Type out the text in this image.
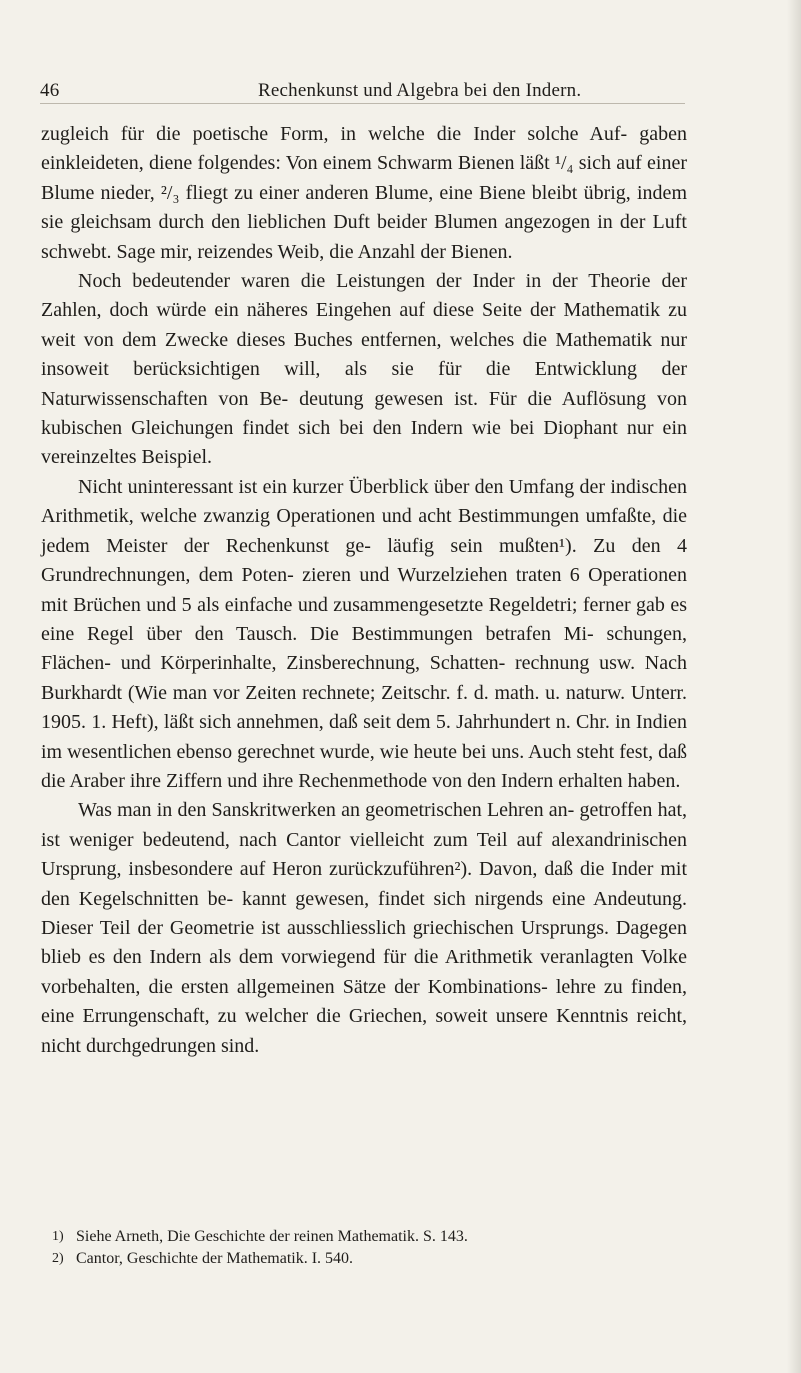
46	Rechenkunst und Algebra bei den Indern.

zugleich für die poetische Form, in welche die Inder solche Auf- gaben einkleideten, diene folgendes: Von einem Schwarm Bienen läßt ¹/₄ sich auf einer Blume nieder, ²/₃ fliegt zu einer anderen Blume, eine Biene bleibt übrig, indem sie gleichsam durch den lieblichen Duft beider Blumen angezogen in der Luft schwebt. Sage mir, reizendes Weib, die Anzahl der Bienen.

Noch bedeutender waren die Leistungen der Inder in der Theorie der Zahlen, doch würde ein näheres Eingehen auf diese Seite der Mathematik zu weit von dem Zwecke dieses Buches entfernen, welches die Mathematik nur insoweit berücksichtigen will, als sie für die Entwicklung der Naturwissenschaften von Be- deutung gewesen ist. Für die Auflösung von kubischen Gleichungen findet sich bei den Indern wie bei Diophant nur ein vereinzeltes Beispiel.

Nicht uninteressant ist ein kurzer Überblick über den Umfang der indischen Arithmetik, welche zwanzig Operationen und acht Bestimmungen umfaßte, die jedem Meister der Rechenkunst ge- läufig sein mußten¹). Zu den 4 Grundrechnungen, dem Poten- zieren und Wurzelziehen traten 6 Operationen mit Brüchen und 5 als einfache und zusammengesetzte Regeldetri; ferner gab es eine Regel über den Tausch. Die Bestimmungen betrafen Mi- schungen, Flächen- und Körperinhalte, Zinsberechnung, Schatten- rechnung usw. Nach Burkhardt (Wie man vor Zeiten rechnete; Zeitschr. f. d. math. u. naturw. Unterr. 1905. 1. Heft), läßt sich annehmen, daß seit dem 5. Jahrhundert n. Chr. in Indien im wesentlichen ebenso gerechnet wurde, wie heute bei uns. Auch steht fest, daß die Araber ihre Ziffern und ihre Rechenmethode von den Indern erhalten haben.

Was man in den Sanskritwerken an geometrischen Lehren an- getroffen hat, ist weniger bedeutend, nach Cantor vielleicht zum Teil auf alexandrinischen Ursprung, insbesondere auf Heron zurückzuführen²). Davon, daß die Inder mit den Kegelschnitten be- kannt gewesen, findet sich nirgends eine Andeutung. Dieser Teil der Geometrie ist ausschliesslich griechischen Ursprungs. Dagegen blieb es den Indern als dem vorwiegend für die Arithmetik veranlagten Volke vorbehalten, die ersten allgemeinen Sätze der Kombinations- lehre zu finden, eine Errungenschaft, zu welcher die Griechen, soweit unsere Kenntnis reicht, nicht durchgedrungen sind.

1) Siehe Arneth, Die Geschichte der reinen Mathematik. S. 143.

2) Cantor, Geschichte der Mathematik. I. 540.
